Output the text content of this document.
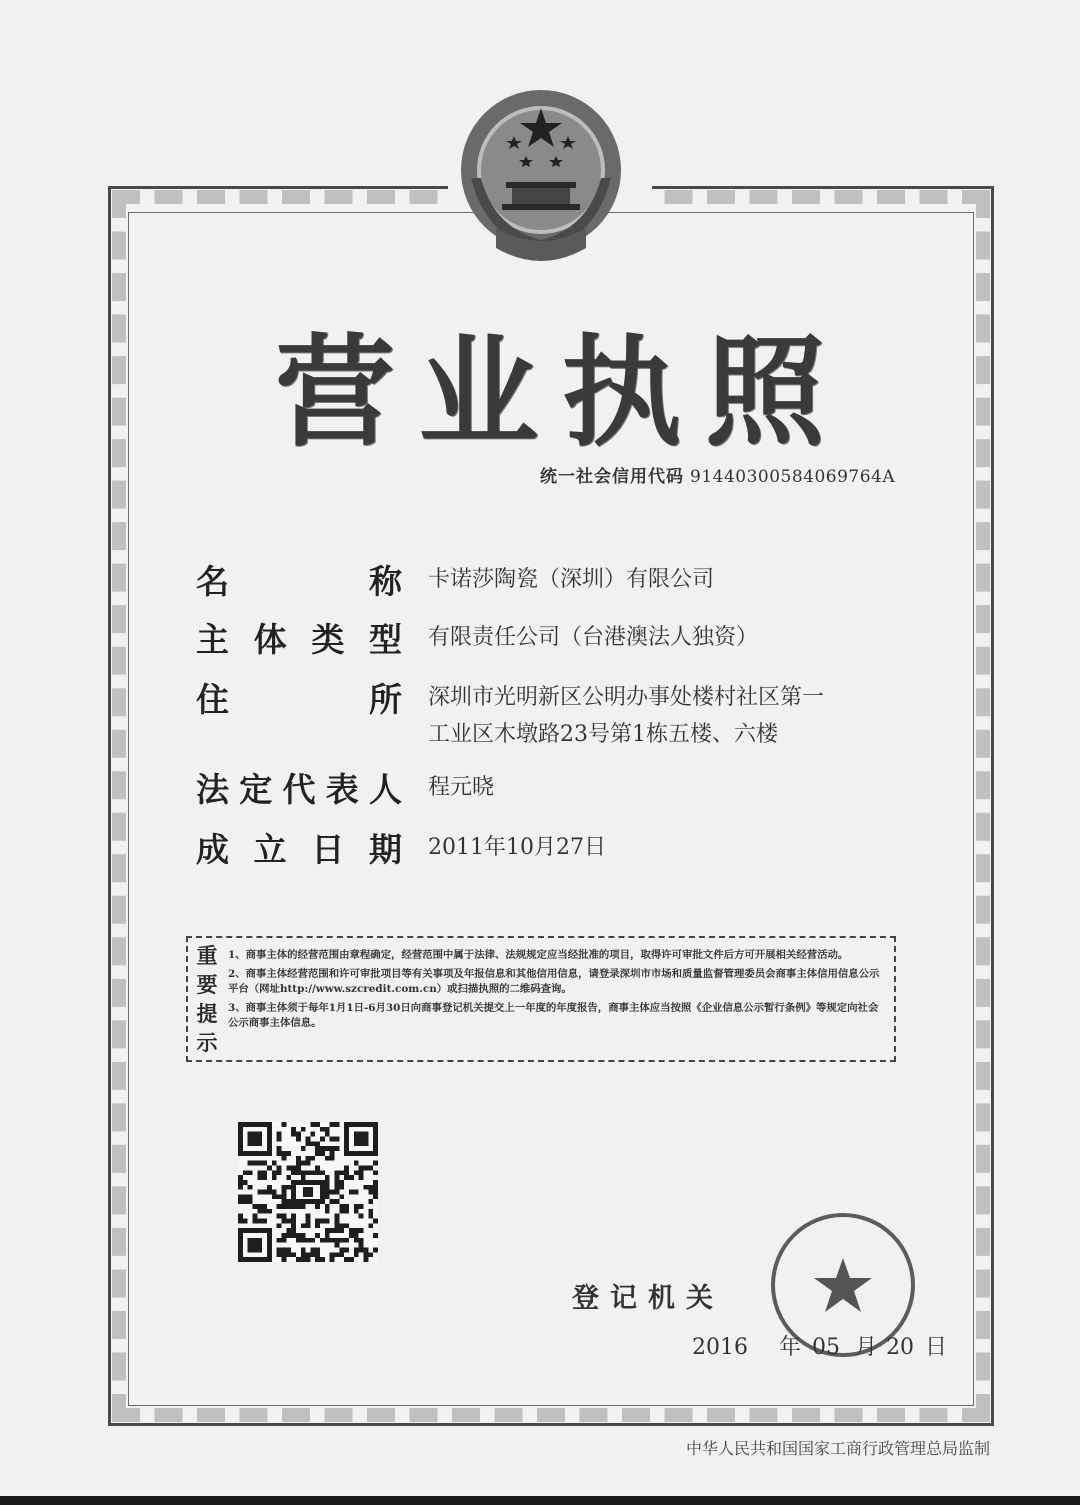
营 业 执 照
统一社会信用代码 91440300584069764A
名	称 卡诺莎陶瓷（深圳）有限公司
主 体 类 型 有限责任公司（台港澳法人独资）
住	所 深圳市光明新区公明办事处楼村社区第一
工业区木墩路23号第1栋五楼、六楼
法 定 代 表 人 程元晓
成 立 日 期 2011年10月27日
重
要
提
示

1、商事主体的经营范围由章程确定，经营范围中属于法律、法规规定应当经批准的项目，取得许可审批文件后方可开展相关经营活动。

2、商事主体经营范围和许可审批项目等有关事项及年报信息和其他信用信息，请登录深圳市市场和质量监督管理委员会商事主体信用信息公示平台（网址http://www.szcredit.com.cn）或扫描执照的二维码查询。

3、商事主体须于每年1月1日-6月30日向商事登记机关提交上一年度的年度报告，商事主体应当按照《企业信息公示暂行条例》等规定向社会公示商事主体信息。

登记机关
2016 年 05 月 20 日
中华人民共和国国家工商行政管理总局监制
